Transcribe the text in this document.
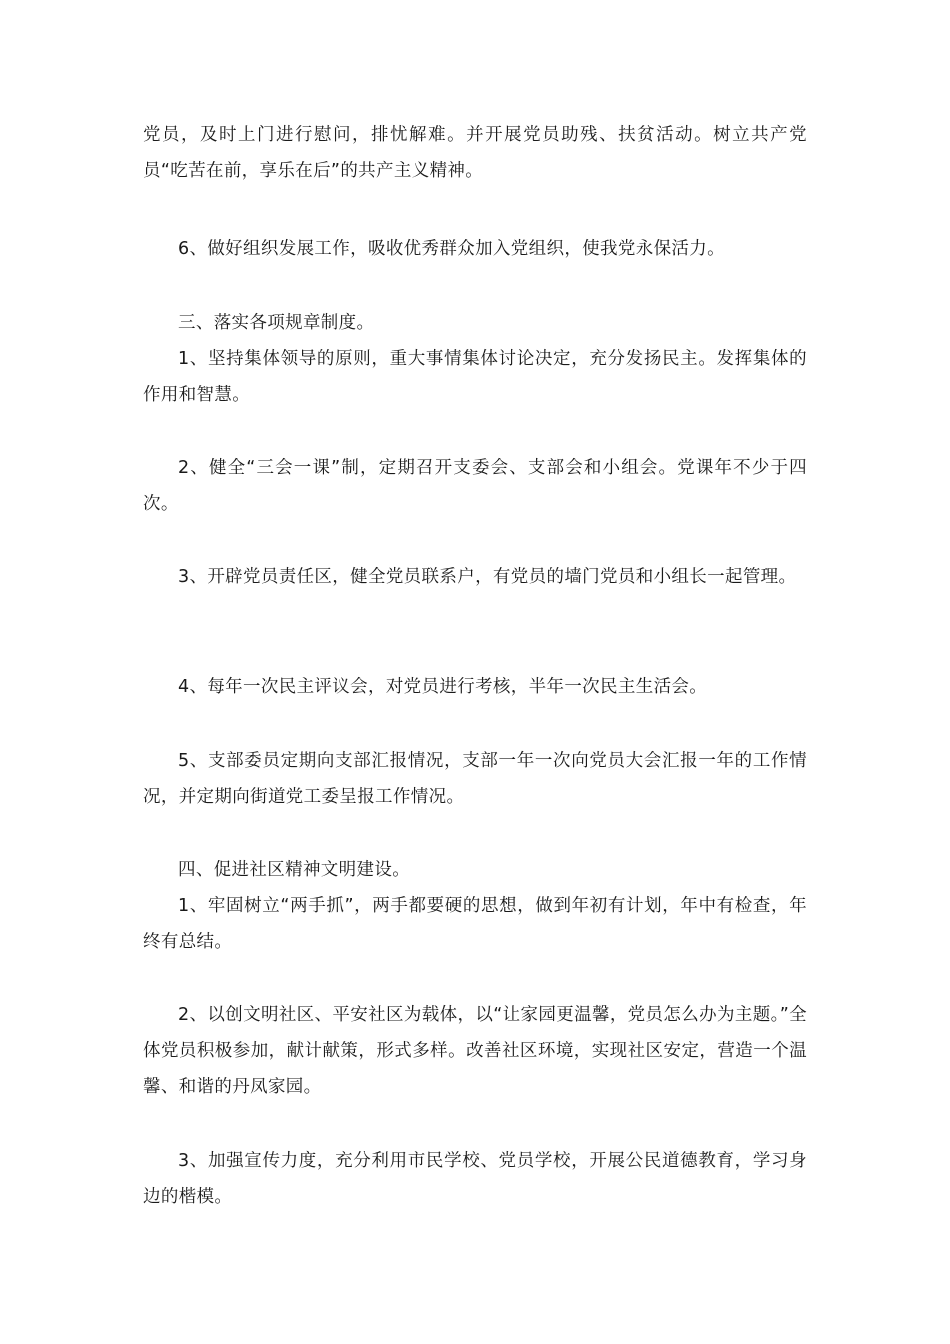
党员，及时上门进行慰问，排忧解难。并开展党员助残、扶贫活动。树立共产党员“吃苦在前，享乐在后”的共产主义精神。

6、做好组织发展工作，吸收优秀群众加入党组织，使我党永保活力。

三、落实各项规章制度。

1、坚持集体领导的原则，重大事情集体讨论决定，充分发扬民主。发挥集体的作用和智慧。

2、健全“三会一课”制，定期召开支委会、支部会和小组会。党课年不少于四次。

3、开辟党员责任区，健全党员联系户，有党员的墙门党员和小组长一起管理。

4、每年一次民主评议会，对党员进行考核，半年一次民主生活会。

5、支部委员定期向支部汇报情况，支部一年一次向党员大会汇报一年的工作情况，并定期向街道党工委呈报工作情况。

四、促进社区精神文明建设。

1、牢固树立“两手抓”，两手都要硬的思想，做到年初有计划，年中有检查，年终有总结。

2、以创文明社区、平安社区为载体，以“让家园更温馨，党员怎么办为主题。”全体党员积极参加，献计献策，形式多样。改善社区环境，实现社区安定，营造一个温馨、和谐的丹凤家园。

3、加强宣传力度，充分利用市民学校、党员学校，开展公民道德教育，学习身边的楷模。
